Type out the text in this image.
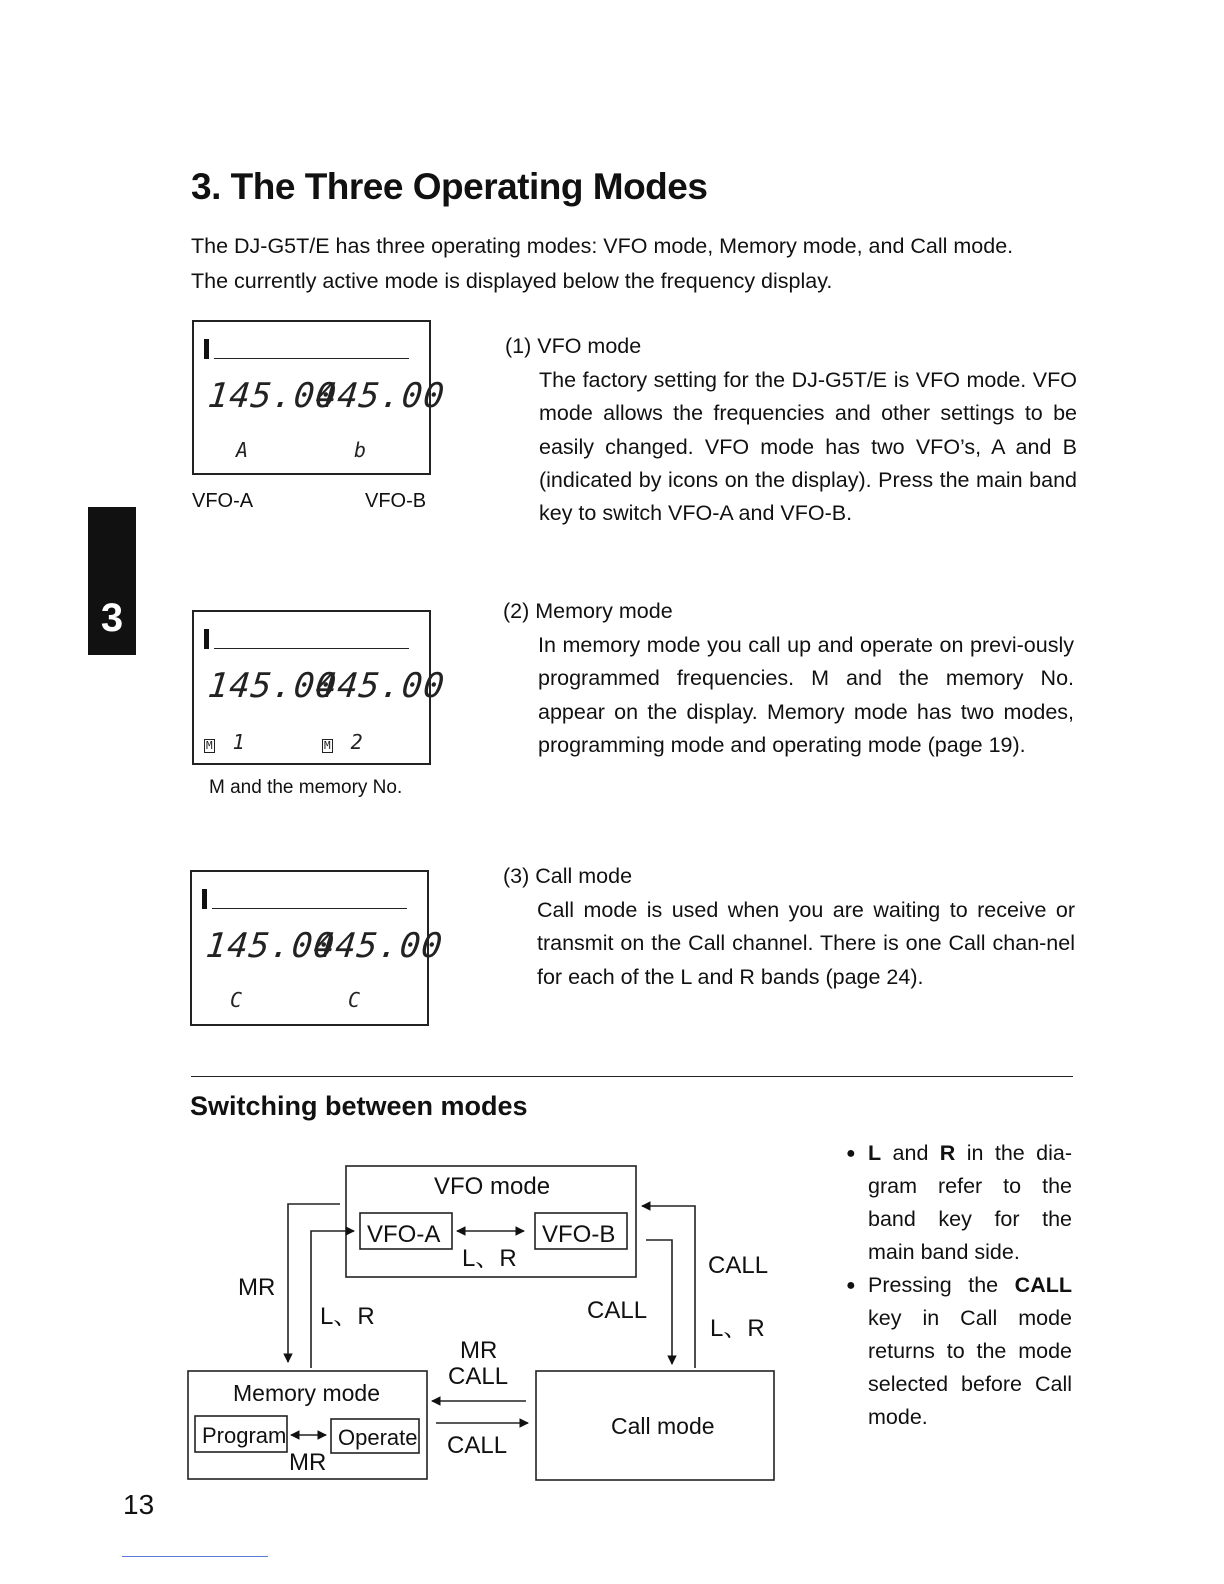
3. The Three Operating Modes
The DJ-G5T/E has three operating modes: VFO mode, Memory mode, and Call mode.
The currently active mode is displayed below the frequency display.
3
145.00
445.00
A	b
VFO-A	VFO-B
145.00
445.00
M 1	M 2
M and the memory No.
145.00
445.00
C	C
(1) VFO mode
The factory setting for the DJ-G5T/E is VFO mode. VFO mode allows the frequencies and other settings to be easily changed. VFO mode has two VFO’s, A and B (indicated by icons on the display). Press the main band key to switch VFO-A and VFO-B.
(2) Memory mode
In memory mode you call up and operate on previ-ously programmed frequencies. M and the memory No. appear on the display. Memory mode has two modes, programming mode and operating mode (page 19).
(3) Call mode
Call mode is used when you are waiting to receive or transmit on the Call channel. There is one Call chan-nel for each of the L and R bands (page 24).
Switching between modes
VFO mode
VFO-A	VFO-B
L、R
MR
L、R	CALL
CALL
L、R
MR
CALL
CALL
Memory mode
Program Operate
MR
Call mode
● L and R in the dia-gram refer to the band key for the main band side.
● Pressing the CALL key in Call mode returns to the mode selected before Call mode.
13
